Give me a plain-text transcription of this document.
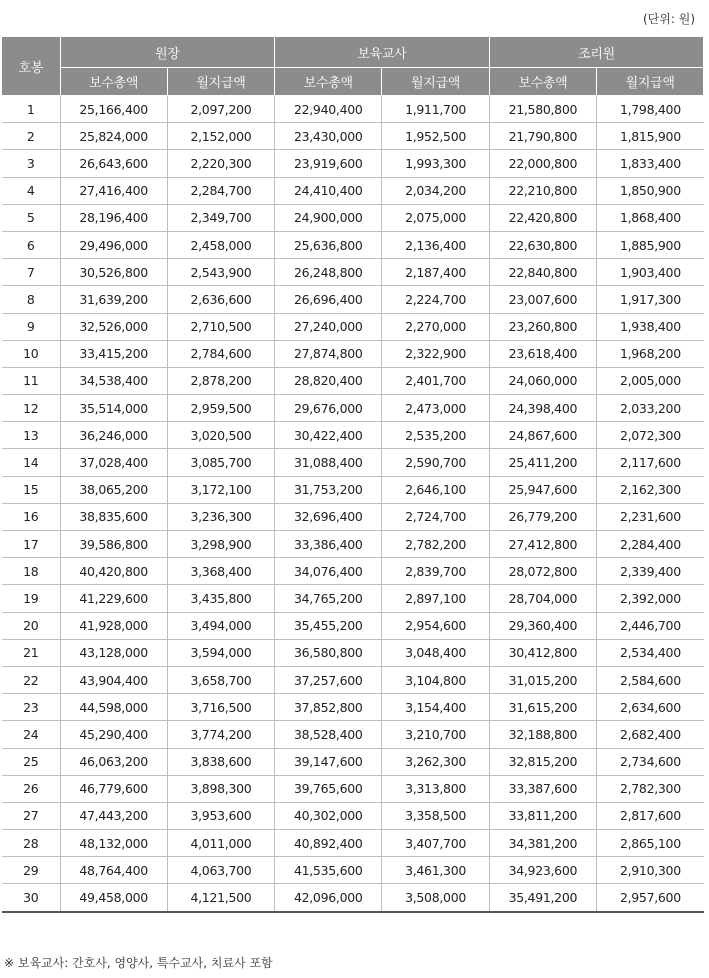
(단위: 원)
호봉	원장		보육교사		조리원	
	보수총액	월지급액	보수총액	월지급액	보수총액	월지급액
1	25,166,400	2,097,200	22,940,400	1,911,700	21,580,800	1,798,400
2	25,824,000	2,152,000	23,430,000	1,952,500	21,790,800	1,815,900
3	26,643,600	2,220,300	23,919,600	1,993,300	22,000,800	1,833,400
4	27,416,400	2,284,700	24,410,400	2,034,200	22,210,800	1,850,900
5	28,196,400	2,349,700	24,900,000	2,075,000	22,420,800	1,868,400
6	29,496,000	2,458,000	25,636,800	2,136,400	22,630,800	1,885,900
7	30,526,800	2,543,900	26,248,800	2,187,400	22,840,800	1,903,400
8	31,639,200	2,636,600	26,696,400	2,224,700	23,007,600	1,917,300
9	32,526,000	2,710,500	27,240,000	2,270,000	23,260,800	1,938,400
10	33,415,200	2,784,600	27,874,800	2,322,900	23,618,400	1,968,200
11	34,538,400	2,878,200	28,820,400	2,401,700	24,060,000	2,005,000
12	35,514,000	2,959,500	29,676,000	2,473,000	24,398,400	2,033,200
13	36,246,000	3,020,500	30,422,400	2,535,200	24,867,600	2,072,300
14	37,028,400	3,085,700	31,088,400	2,590,700	25,411,200	2,117,600
15	38,065,200	3,172,100	31,753,200	2,646,100	25,947,600	2,162,300
16	38,835,600	3,236,300	32,696,400	2,724,700	26,779,200	2,231,600
17	39,586,800	3,298,900	33,386,400	2,782,200	27,412,800	2,284,400
18	40,420,800	3,368,400	34,076,400	2,839,700	28,072,800	2,339,400
19	41,229,600	3,435,800	34,765,200	2,897,100	28,704,000	2,392,000
20	41,928,000	3,494,000	35,455,200	2,954,600	29,360,400	2,446,700
21	43,128,000	3,594,000	36,580,800	3,048,400	30,412,800	2,534,400
22	43,904,400	3,658,700	37,257,600	3,104,800	31,015,200	2,584,600
23	44,598,000	3,716,500	37,852,800	3,154,400	31,615,200	2,634,600
24	45,290,400	3,774,200	38,528,400	3,210,700	32,188,800	2,682,400
25	46,063,200	3,838,600	39,147,600	3,262,300	32,815,200	2,734,600
26	46,779,600	3,898,300	39,765,600	3,313,800	33,387,600	2,782,300
27	47,443,200	3,953,600	40,302,000	3,358,500	33,811,200	2,817,600
28	48,132,000	4,011,000	40,892,400	3,407,700	34,381,200	2,865,100
29	48,764,400	4,063,700	41,535,600	3,461,300	34,923,600	2,910,300
30	49,458,000	4,121,500	42,096,000	3,508,000	35,491,200	2,957,600
※ 보육교사: 간호사, 영양사, 특수교사, 치료사 포함
